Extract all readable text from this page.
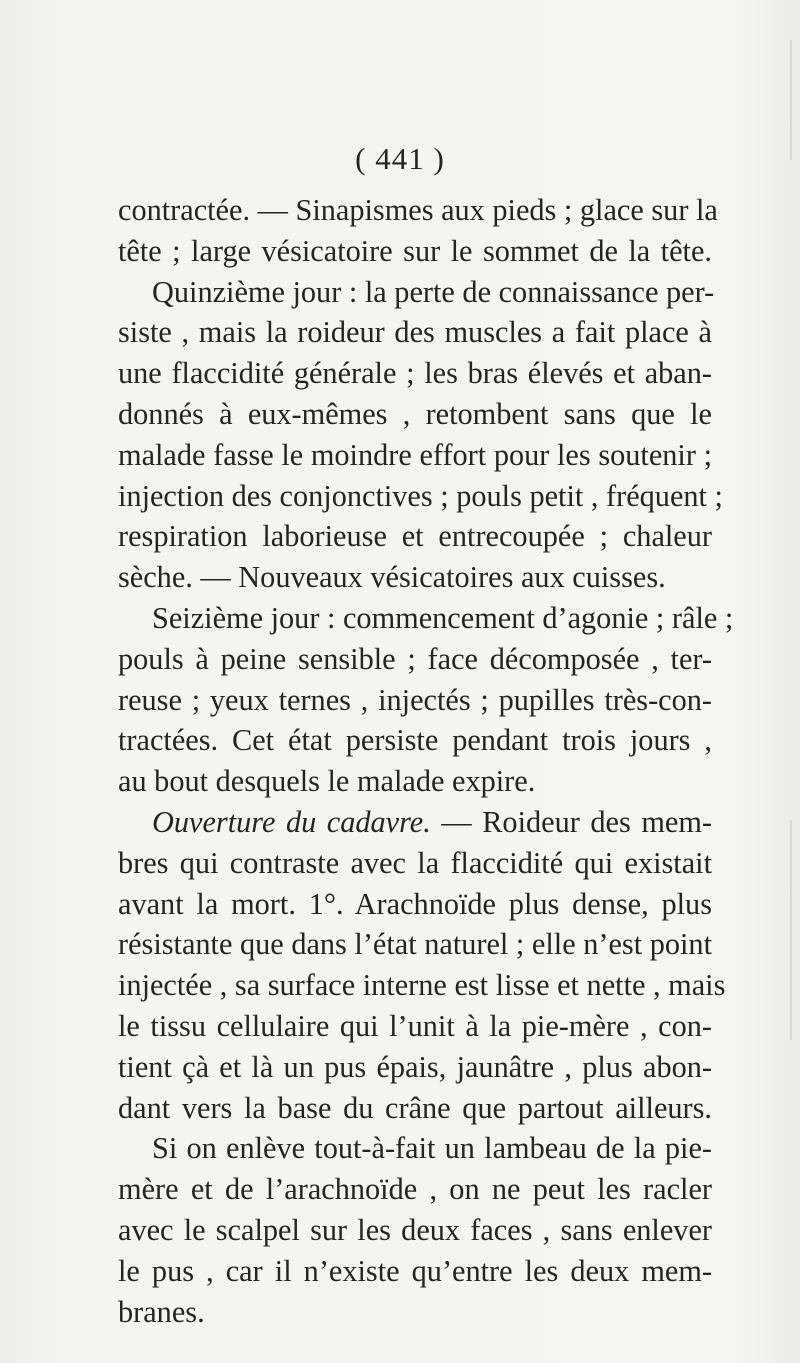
( 441 )
contractée. — Sinapismes aux pieds ; glace sur la
tête ; large vésicatoire sur le sommet de la tête.
Quinzième jour : la perte de connaissance per-
siste , mais la roideur des muscles a fait place à
une flaccidité générale ; les bras élevés et aban-
donnés à eux-mêmes , retombent sans que le
malade fasse le moindre effort pour les soutenir ;
injection des conjonctives ; pouls petit , fréquent ;
respiration laborieuse et entrecoupée ; chaleur
sèche. — Nouveaux vésicatoires aux cuisses.
Seizième jour : commencement d’agonie ; râle ;
pouls à peine sensible ; face décomposée , ter-
reuse ; yeux ternes , injectés ; pupilles très-con-
tractées. Cet état persiste pendant trois jours ,
au bout desquels le malade expire.
Ouverture du cadavre. — Roideur des mem-
bres qui contraste avec la flaccidité qui existait
avant la mort. 1°. Arachnoïde plus dense, plus
résistante que dans l’état naturel ; elle n’est point
injectée , sa surface interne est lisse et nette , mais
le tissu cellulaire qui l’unit à la pie-mère , con-
tient çà et là un pus épais, jaunâtre , plus abon-
dant vers la base du crâne que partout ailleurs.
Si on enlève tout-à-fait un lambeau de la pie-
mère et de l’arachnoïde , on ne peut les racler
avec le scalpel sur les deux faces , sans enlever
le pus , car il n’existe qu’entre les deux mem-
branes.
